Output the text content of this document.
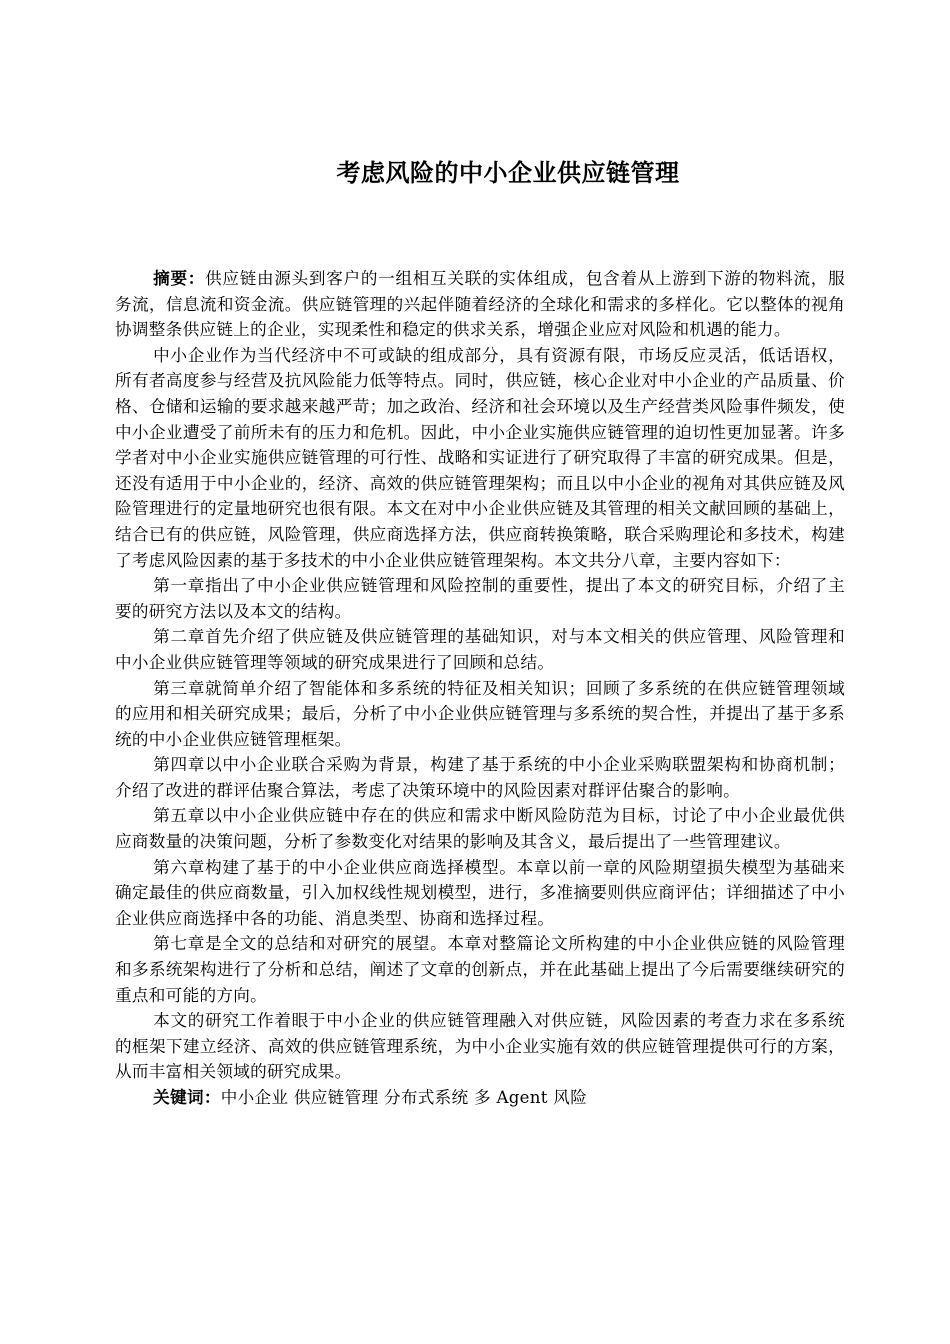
考虑风险的中小企业供应链管理

摘要：供应链由源头到客户的一组相互关联的实体组成，包含着从上游到下游的物料流，服务流，信息流和资金流。供应链管理的兴起伴随着经济的全球化和需求的多样化。它以整体的视角协调整条供应链上的企业，实现柔性和稳定的供求关系，增强企业应对风险和机遇的能力。

中小企业作为当代经济中不可或缺的组成部分，具有资源有限，市场反应灵活，低话语权，所有者高度参与经营及抗风险能力低等特点。同时，供应链，核心企业对中小企业的产品质量、价格、仓储和运输的要求越来越严苛；加之政治、经济和社会环境以及生产经营类风险事件频发，使中小企业遭受了前所未有的压力和危机。因此，中小企业实施供应链管理的迫切性更加显著。许多学者对中小企业实施供应链管理的可行性、战略和实证进行了研究取得了丰富的研究成果。但是，还没有适用于中小企业的，经济、高效的供应链管理架构；而且以中小企业的视角对其供应链及风险管理进行的定量地研究也很有限。本文在对中小企业供应链及其管理的相关文献回顾的基础上，结合已有的供应链，风险管理，供应商选择方法，供应商转换策略，联合采购理论和多技术，构建了考虑风险因素的基于多技术的中小企业供应链管理架构。本文共分八章，主要内容如下：

第一章指出了中小企业供应链管理和风险控制的重要性，提出了本文的研究目标，介绍了主要的研究方法以及本文的结构。

第二章首先介绍了供应链及供应链管理的基础知识，对与本文相关的供应管理、风险管理和中小企业供应链管理等领域的研究成果进行了回顾和总结。

第三章就简单介绍了智能体和多系统的特征及相关知识；回顾了多系统的在供应链管理领域的应用和相关研究成果；最后，分析了中小企业供应链管理与多系统的契合性，并提出了基于多系统的中小企业供应链管理框架。

第四章以中小企业联合采购为背景，构建了基于系统的中小企业采购联盟架构和协商机制；介绍了改进的群评估聚合算法，考虑了决策环境中的风险因素对群评估聚合的影响。

第五章以中小企业供应链中存在的供应和需求中断风险防范为目标，讨论了中小企业最优供应商数量的决策问题，分析了参数变化对结果的影响及其含义，最后提出了一些管理建议。

第六章构建了基于的中小企业供应商选择模型。本章以前一章的风险期望损失模型为基础来确定最佳的供应商数量，引入加权线性规划模型，进行，多准摘要则供应商评估；详细描述了中小企业供应商选择中各的功能、消息类型、协商和选择过程。

第七章是全文的总结和对研究的展望。本章对整篇论文所构建的中小企业供应链的风险管理和多系统架构进行了分析和总结，阐述了文章的创新点，并在此基础上提出了今后需要继续研究的重点和可能的方向。

本文的研究工作着眼于中小企业的供应链管理融入对供应链，风险因素的考查力求在多系统的框架下建立经济、高效的供应链管理系统，为中小企业实施有效的供应链管理提供可行的方案，从而丰富相关领域的研究成果。

关键词：中小企业 供应链管理 分布式系统 多 Agent 风险
